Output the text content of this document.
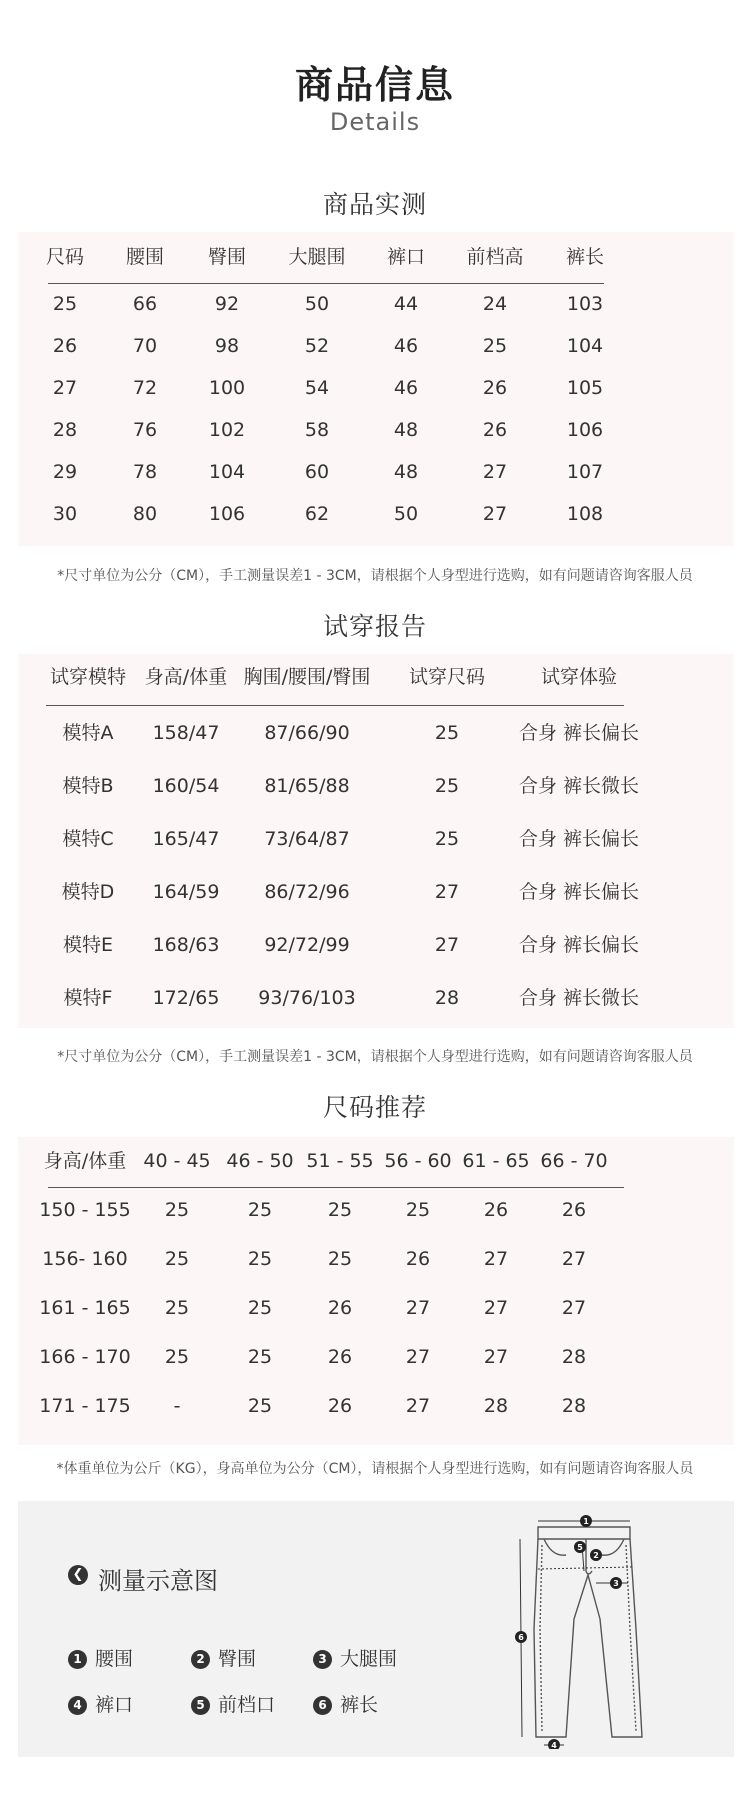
商品信息
Details
商品实测
尺码 腰围 臀围 大腿围 裤口 前档高 裤长
25	66	92	50	44	24	103
26	70	98	52	46	25	104
27	72	100	54	46	26	105
28	76	102	58	48	26	106
29	78	104	60	48	27	107
30	80	106	62	50	27	108
*尺寸单位为公分（CM），手工测量误差1 - 3CM，请根据个人身型进行选购，如有问题请咨询客服人员
试穿报告
试穿模特 身高/体重 胸围/腰围/臀围 试穿尺码	试穿体验
模特A 158/47 87/66/90	25	合身 裤长偏长
模特B 160/54 81/65/88	25	合身 裤长微长
模特C 165/47 73/64/87	25	合身 裤长偏长
模特D 164/59 86/72/96	27	合身 裤长偏长
模特E 168/63 92/72/99	27	合身 裤长偏长
模特F 172/65 93/76/103	28	合身 裤长微长
*尺寸单位为公分（CM），手工测量误差1 - 3CM，请根据个人身型进行选购，如有问题请咨询客服人员
尺码推荐
身高/体重 40 - 45 46 - 50 51 - 55 56 - 60 61 - 65 66 - 70
150 - 155 25	25	25	25	26	26
156- 160 25	25	25	26	27	27
161 - 165 25	25	26	27	27	27
166 - 170 25	25	26	27	27	28
171 - 175 -	25	26	27	28	28
*体重单位为公斤（KG），身高单位为公分（CM），请根据个人身型进行选购，如有问题请咨询客服人员
❮ 测量示意图
1 腰围	2 臀围	3 大腿围
4 裤口	5 前档口	6 裤长
1
2
3
4
5
6
